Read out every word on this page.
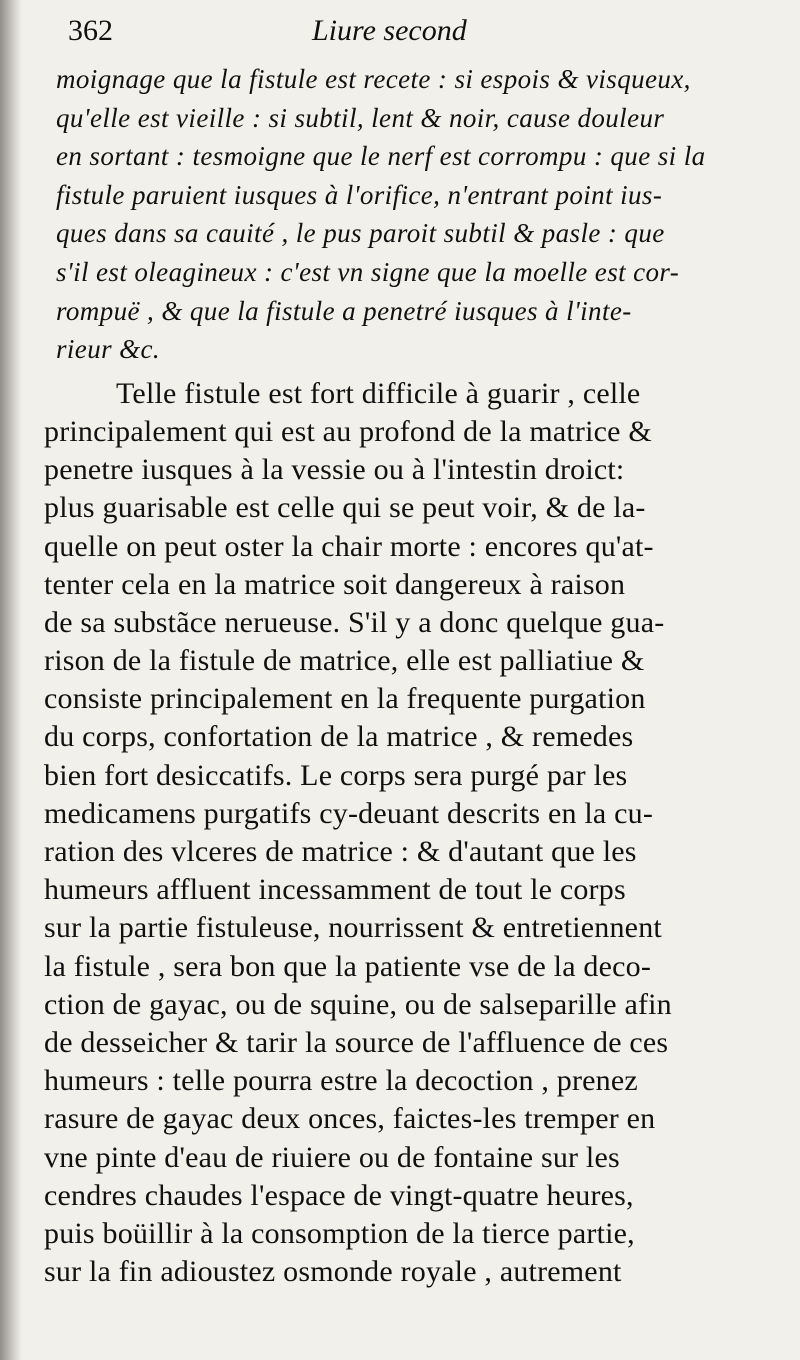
362	Liure second
moignage que la fistule est recete : si espois & visqueux,
qu'elle est vieille : si subtil, lent & noir, cause douleur
en sortant : tesmoigne que le nerf est corrompu : que si la
fistule paruient iusques à l'orifice, n'entrant point ius-
ques dans sa cauité , le pus paroit subtil & pasle : que
s'il est oleagineux : c'est vn signe que la moelle est cor-
rompuë , & que la fistule a penetré iusques à l'inte-
rieur &c.
Telle fistule est fort difficile à guarir , celle
principalement qui est au profond de la matrice &
penetre iusques à la vessie ou à l'intestin droict:
plus guarisable est celle qui se peut voir, & de la-
quelle on peut oster la chair morte : encores qu'at-
tenter cela en la matrice soit dangereux à raison
de sa substãce nerueuse. S'il y a donc quelque gua-
rison de la fistule de matrice, elle est palliatiue &
consiste principalement en la frequente purgation
du corps, confortation de la matrice , & remedes
bien fort desiccatifs. Le corps sera purgé par les
medicamens purgatifs cy-deuant descrits en la cu-
ration des vlceres de matrice : & d'autant que les
humeurs affluent incessamment de tout le corps
sur la partie fistuleuse, nourrissent & entretiennent
la fistule , sera bon que la patiente vse de la deco-
ction de gayac, ou de squine, ou de salseparille afin
de desseicher & tarir la source de l'affluence de ces
humeurs : telle pourra estre la decoction , prenez
rasure de gayac deux onces, faictes-les tremper en
vne pinte d'eau de riuiere ou de fontaine sur les
cendres chaudes l'espace de vingt-quatre heures,
puis boüillir à la consomption de la tierce partie,
sur la fin adioustez osmonde royale , autrement
